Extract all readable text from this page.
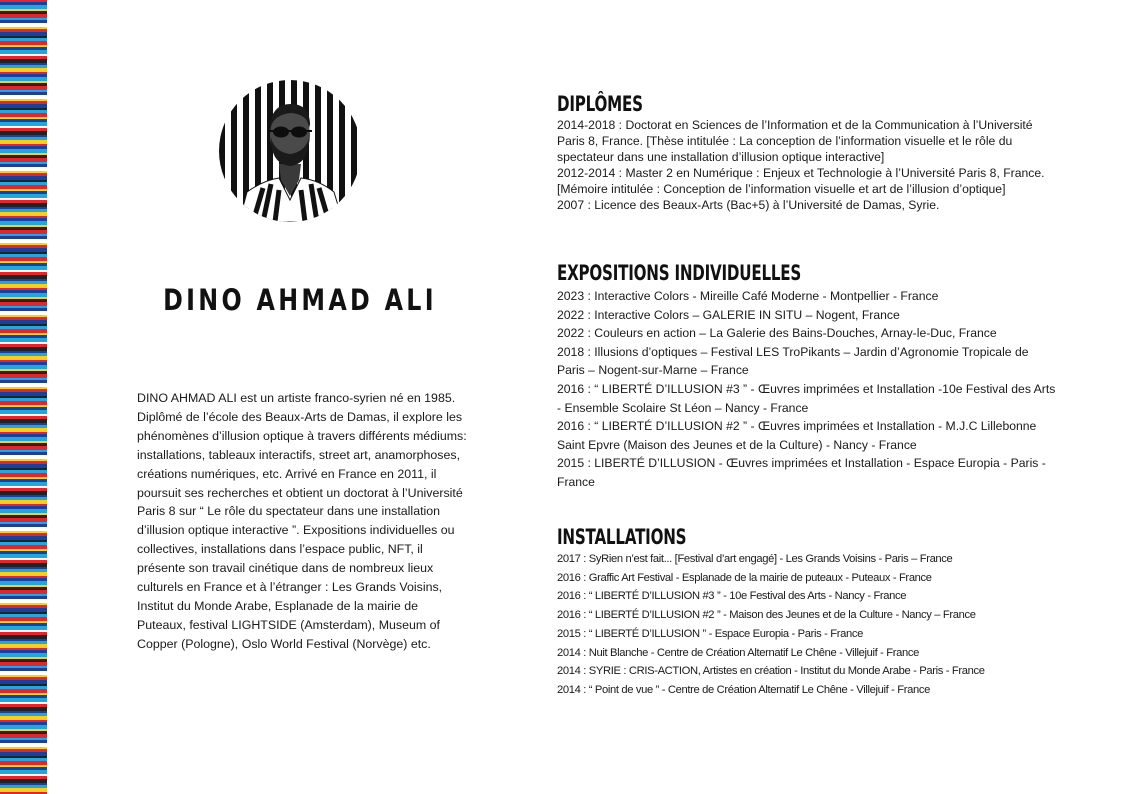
DINO AHMAD ALI
DINO AHMAD ALI est un artiste franco-syrien né en 1985. Diplômé de l’école des Beaux-Arts de Damas, il explore les phénomènes d’illusion optique à travers différents médiums: installations, tableaux interactifs, street art, anamorphoses, créations numériques, etc. Arrivé en France en 2011, il poursuit ses recherches et obtient un doctorat à l’Université Paris 8 sur “ Le rôle du spectateur dans une installation d’illusion optique interactive ”. Expositions individuelles ou collectives, installations dans l’espace public, NFT, il présente son travail cinétique dans de nombreux lieux culturels en France et à l’étranger : Les Grands Voisins, Institut du Monde Arabe, Esplanade de la mairie de Puteaux, festival LIGHTSIDE (Amsterdam), Museum of Copper (Pologne), Oslo World Festival (Norvège) etc.
DIPLÔMES
2014-2018 : Doctorat en Sciences de l’Information et de la Communication à l’Université Paris 8, France. [Thèse intitulée : La conception de l’information visuelle et le rôle du spectateur dans une installation d’illusion optique interactive]
2012-2014 : Master 2 en Numérique : Enjeux et Technologie à l’Université Paris 8, France. [Mémoire intitulée : Conception de l’information visuelle et art de l’illusion d’optique]
2007 : Licence des Beaux-Arts (Bac+5) à l’Université de Damas, Syrie.
EXPOSITIONS INDIVIDUELLES
2023 : Interactive Colors - Mireille Café Moderne - Montpellier - France
2022 : Interactive Colors – GALERIE IN SITU – Nogent, France
2022 : Couleurs en action – La Galerie des Bains-Douches, Arnay-le-Duc, France
2018 : Illusions d’optiques – Festival LES TroPikants – Jardin d’Agronomie Tropicale de Paris – Nogent-sur-Marne – France
2016 : “ LIBERTÉ D’ILLUSION #3 ” - Œuvres imprimées et Installation -10e Festival des Arts - Ensemble Scolaire St Léon – Nancy - France
2016 : “ LIBERTÉ D’ILLUSION #2 ” - Œuvres imprimées et Installation - M.J.C Lillebonne Saint Epvre (Maison des Jeunes et de la Culture) - Nancy - France
2015 : LIBERTÉ D’ILLUSION - Œuvres imprimées et Installation - Espace Europia - Paris - France
INSTALLATIONS
2017 : SyRien n’est fait... [Festival d’art engagé] - Les Grands Voisins - Paris – France
2016 : Graffic Art Festival - Esplanade de la mairie de puteaux - Puteaux - France
2016 : “ LIBERTÉ D’ILLUSION #3 ” - 10e Festival des Arts - Nancy - France
2016 : “ LIBERTÉ D’ILLUSION #2 ” - Maison des Jeunes et de la Culture - Nancy – France
2015 : “ LIBERTÉ D’ILLUSION ” - Espace Europia - Paris - France
2014 : Nuit Blanche - Centre de Création Alternatif Le Chêne - Villejuif - France
2014 : SYRIE : CRIS-ACTION, Artistes en création - Institut du Monde Arabe - Paris - France
2014 : “ Point de vue ” - Centre de Création Alternatif Le Chêne - Villejuif - France
